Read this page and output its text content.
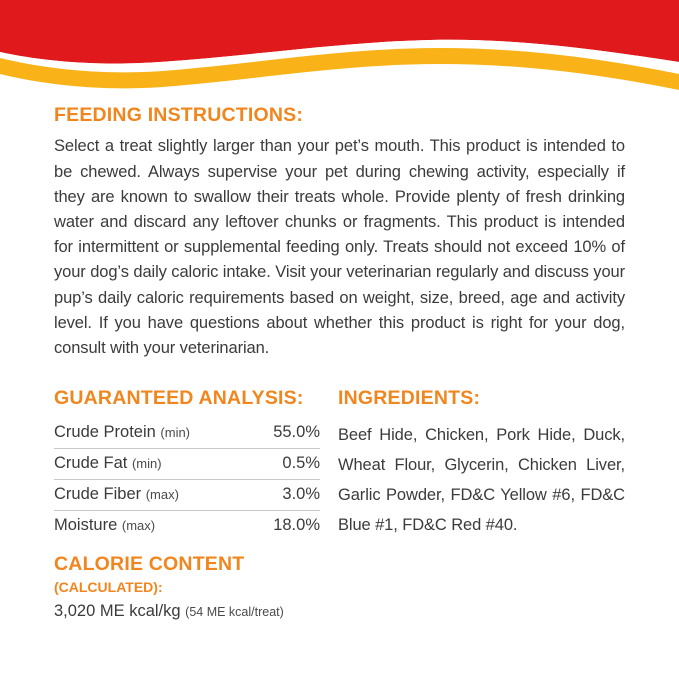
FEEDING INSTRUCTIONS:

Select a treat slightly larger than your pet’s mouth. This product is intended to be chewed. Always supervise your pet during chewing activity, especially if they are known to swallow their treats whole. Provide plenty of fresh drinking water and discard any leftover chunks or fragments. This product is intended for intermittent or supplemental feeding only. Treats should not exceed 10% of your dog’s daily caloric intake. Visit your veterinarian regularly and discuss your pup’s daily caloric requirements based on weight, size, breed, age and activity level. If you have questions about whether this product is right for your dog, consult with your veterinarian.

GUARANTEED ANALYSIS:
Crude Protein (min)	55.0%
Crude Fat (min)	0.5%
Crude Fiber (max)	3.0%
Moisture (max)	18.0%
CALORIE CONTENT (CALCULATED):

3,020 ME kcal/kg (54 ME kcal/treat)

INGREDIENTS:

Beef Hide, Chicken, Pork Hide, Duck, Wheat Flour, Glycerin, Chicken Liver, Garlic Powder, FD&C Yellow #6, FD&C Blue #1, FD&C Red #40.
